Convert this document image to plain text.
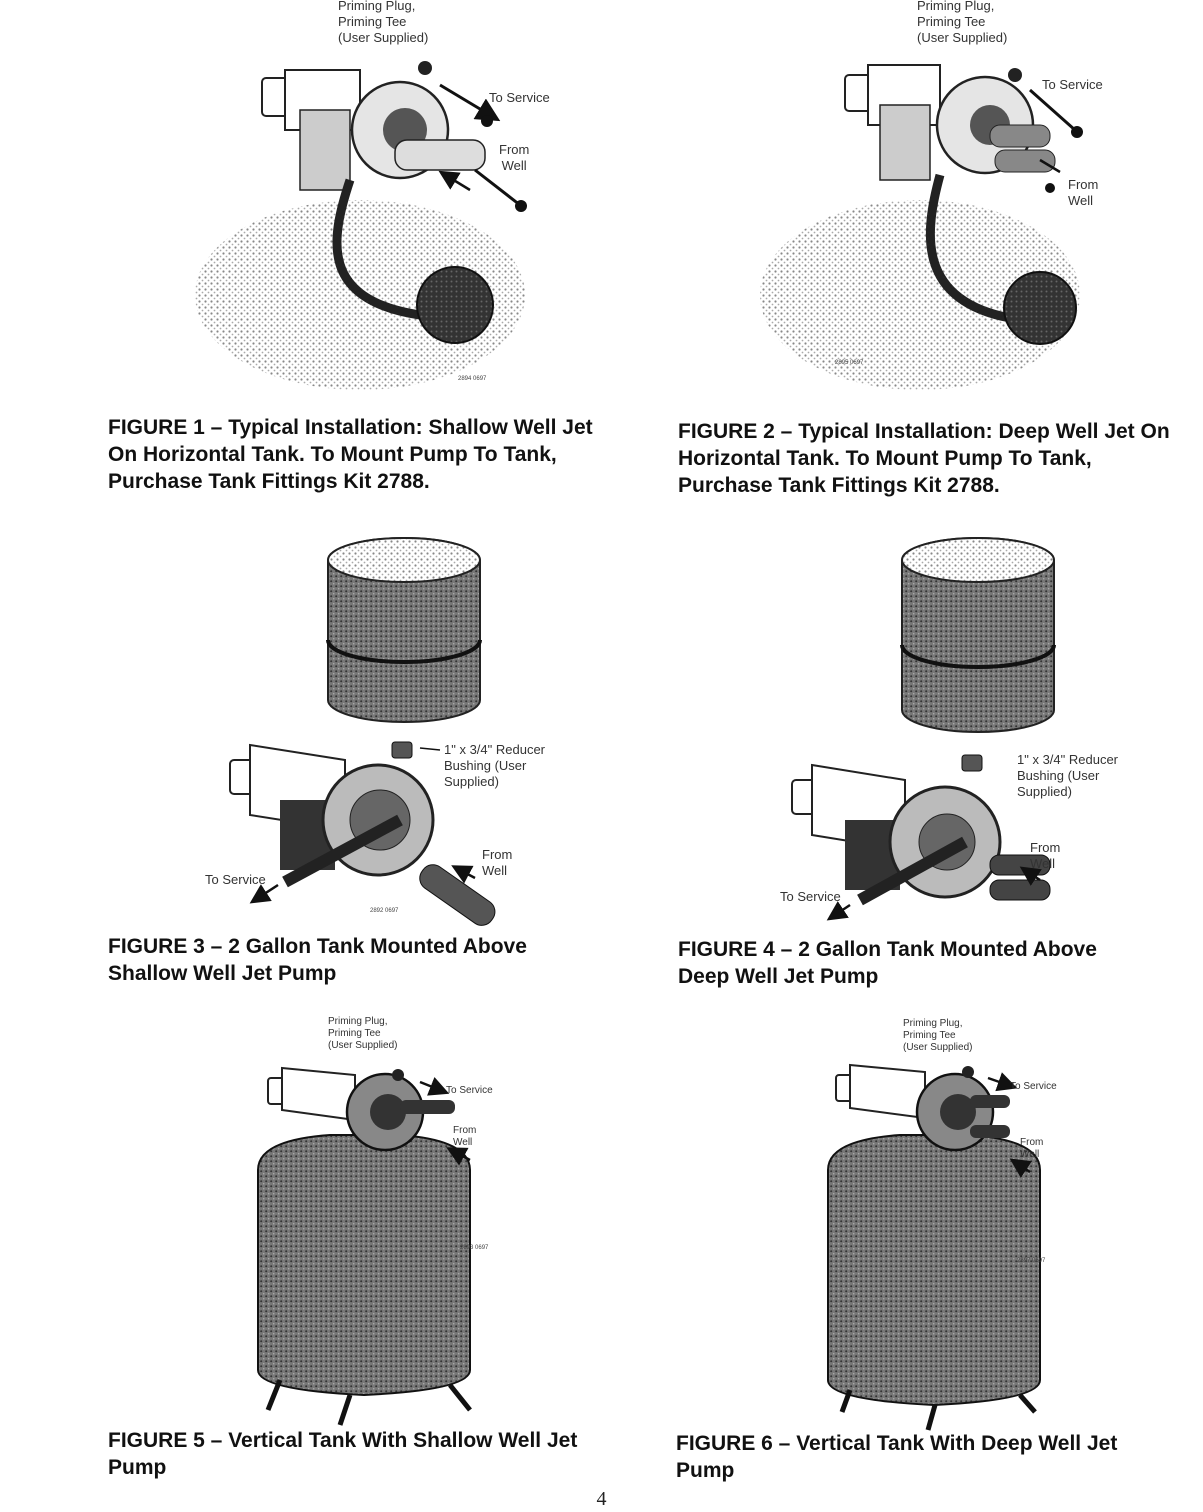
Priming Plug,
Priming Tee
(User Supplied)
To Service
From
Well
2894 0697
FIGURE 1 – Typical Installation: Shallow Well Jet
On Horizontal Tank. To Mount Pump To Tank,
Purchase Tank Fittings Kit 2788.
Priming Plug,
Priming Tee
(User Supplied)
To Service
From
Well
2895 0697
FIGURE 2 – Typical Installation: Deep Well Jet On
Horizontal Tank. To Mount Pump To Tank,
Purchase Tank Fittings Kit 2788.
1" x 3/4" Reducer
Bushing (User
Supplied)
To Service
From
Well
2892 0697
FIGURE 3 – 2 Gallon Tank Mounted Above
Shallow Well Jet Pump
1" x 3/4" Reducer
Bushing (User
Supplied)
To Service
From
Well
FIGURE 4 – 2 Gallon Tank Mounted Above
Deep Well Jet Pump
Priming Plug,
Priming Tee
(User Supplied)
To Service
From
Well
2893 0697
FIGURE 5 – Vertical Tank With Shallow Well Jet
Pump
Priming Plug,
Priming Tee
(User Supplied)
To Service
From
Well
2897 0697
FIGURE 6 – Vertical Tank With Deep Well Jet
Pump
4
